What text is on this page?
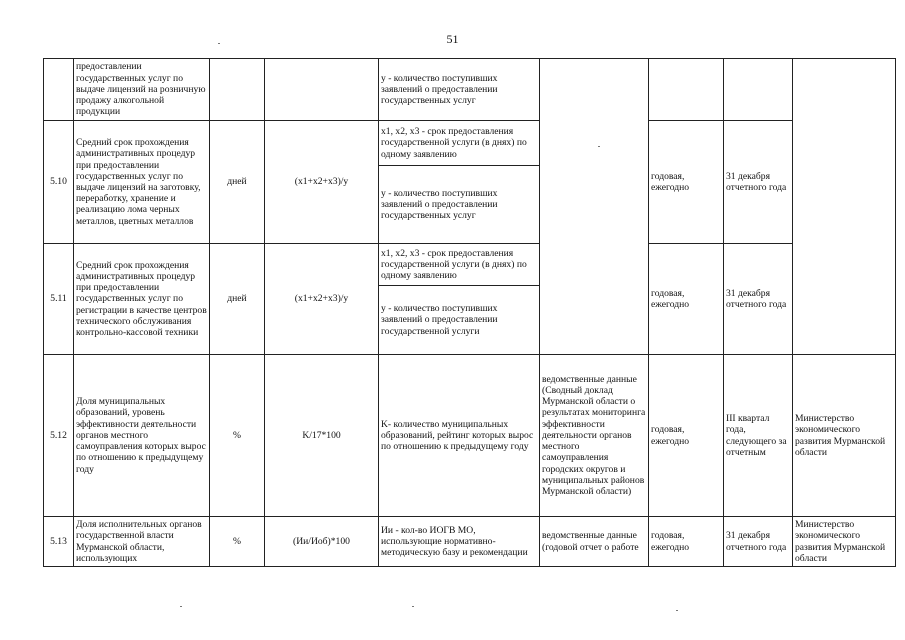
51
	предоставлении государственных услуг по выдаче лицензий на розничную продажу алкогольной продукции			y - количество поступивших заявлений о предоставлении государственных услуг				
5.10	Средний срок прохождения административных процедур при предоставлении государственных услуг по выдаче лицензий на заготовку, переработку, хранение и реализацию лома черных металлов, цветных металлов	дней	(x1+x2+x3)/y	x1, x2, x3 - срок предоставления государственной услуги (в днях) по одному заявлению		годовая, ежегодно	31 декабря отчетного года	
				y - количество поступивших заявлений о предоставлении государственных услуг				
5.11	Средний срок прохождения административных процедур при предоставлении государственных услуг по регистрации в качестве центров технического обслуживания контрольно-кассовой техники	дней	(x1+x2+x3)/y	x1, x2, x3 - срок предоставления государственной услуги (в днях) по одному заявлению		годовая, ежегодно	31 декабря отчетного года	
				y - количество поступивших заявлений о предоставлении государственной услуги				
5.12	Доля муниципальных образований, уровень эффективности деятельности органов местного самоуправления которых вырос по отношению к предыдущему году	%	K/17*100	K- количество муниципальных образований, рейтинг которых вырос по отношению к предыдущему году	ведомственные данные (Сводный доклад Мурманской области о результатах мониторинга эффективности деятельности органов местного самоуправления городских округов и муниципальных районов Мурманской области)	годовая, ежегодно	III квартал года, следующего за отчетным	Министерство экономического развития Мурманской области
5.13	Доля исполнительных органов государственной власти Мурманской области, использующих	%	(Ии/Иоб)*100	Ии - кол-во ИОГВ МО, использующие нормативно-методическую базу и рекомендации	ведомственные данные (годовой отчет о работе	годовая, ежегодно	31 декабря отчетного года	Министерство экономического развития Мурманской области
